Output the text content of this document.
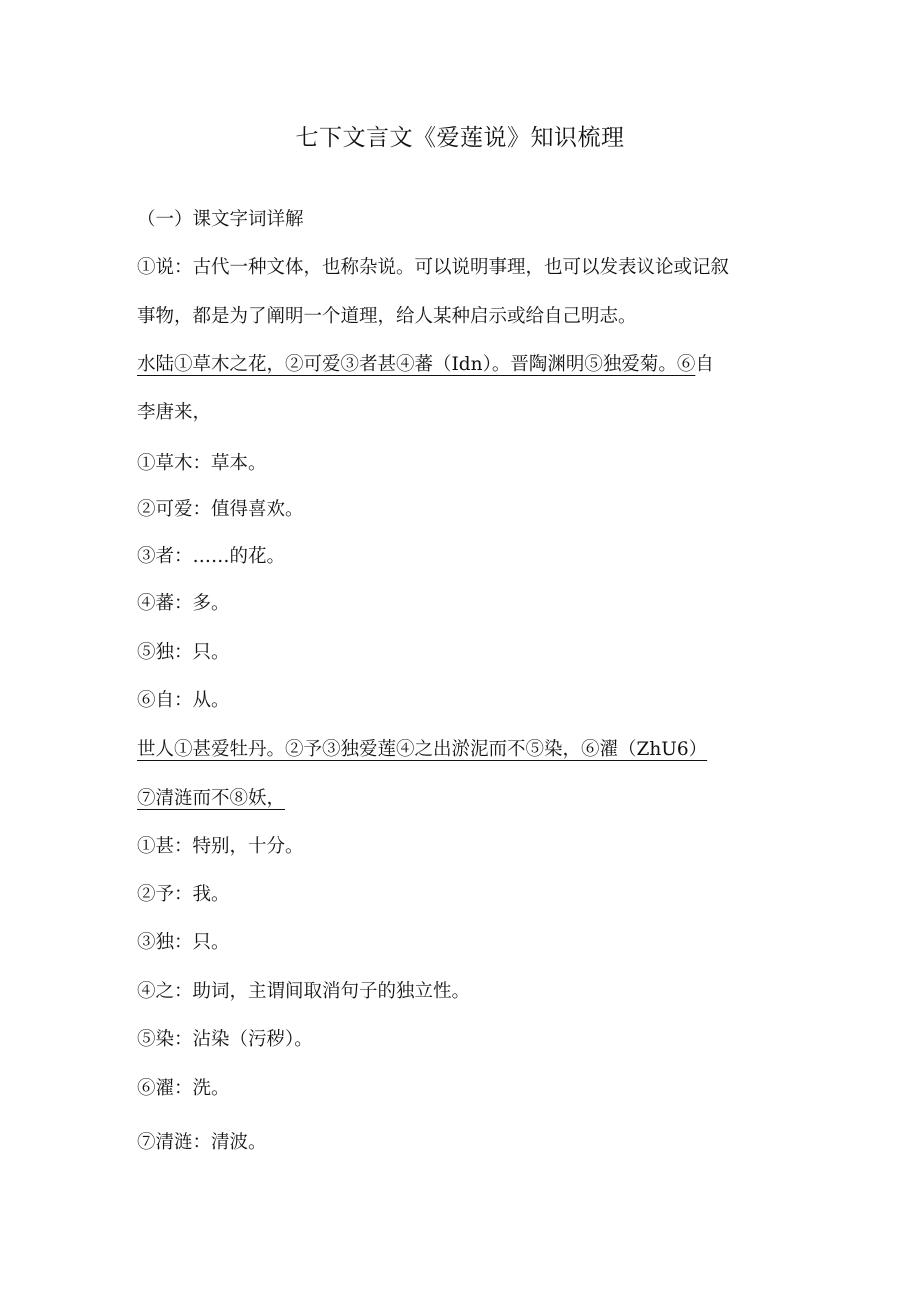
七下文言文《爱莲说》知识梳理
（一）课文字词详解
①说：古代一种文体，也称杂说。可以说明事理，也可以发表议论或记叙
事物，都是为了阐明一个道理，给人某种启示或给自己明志。
水陆①草木之花，②可爱③者甚④蕃（Idn）。晋陶渊明⑤独爱菊。⑥自
李唐来，
①草木：草本。
②可爱：值得喜欢。
③者：……的花。
④蕃：多。
⑤独：只。
⑥自：从。
世人①甚爱牡丹。②予③独爱莲④之出淤泥而不⑤染，⑥濯（ZhU6）
⑦清涟而不⑧妖，
①甚：特别，十分。
②予：我。
③独：只。
④之：助词，主谓间取消句子的独立性。
⑤染：沾染（污秽）。
⑥濯：洗。
⑦清涟：清波。
